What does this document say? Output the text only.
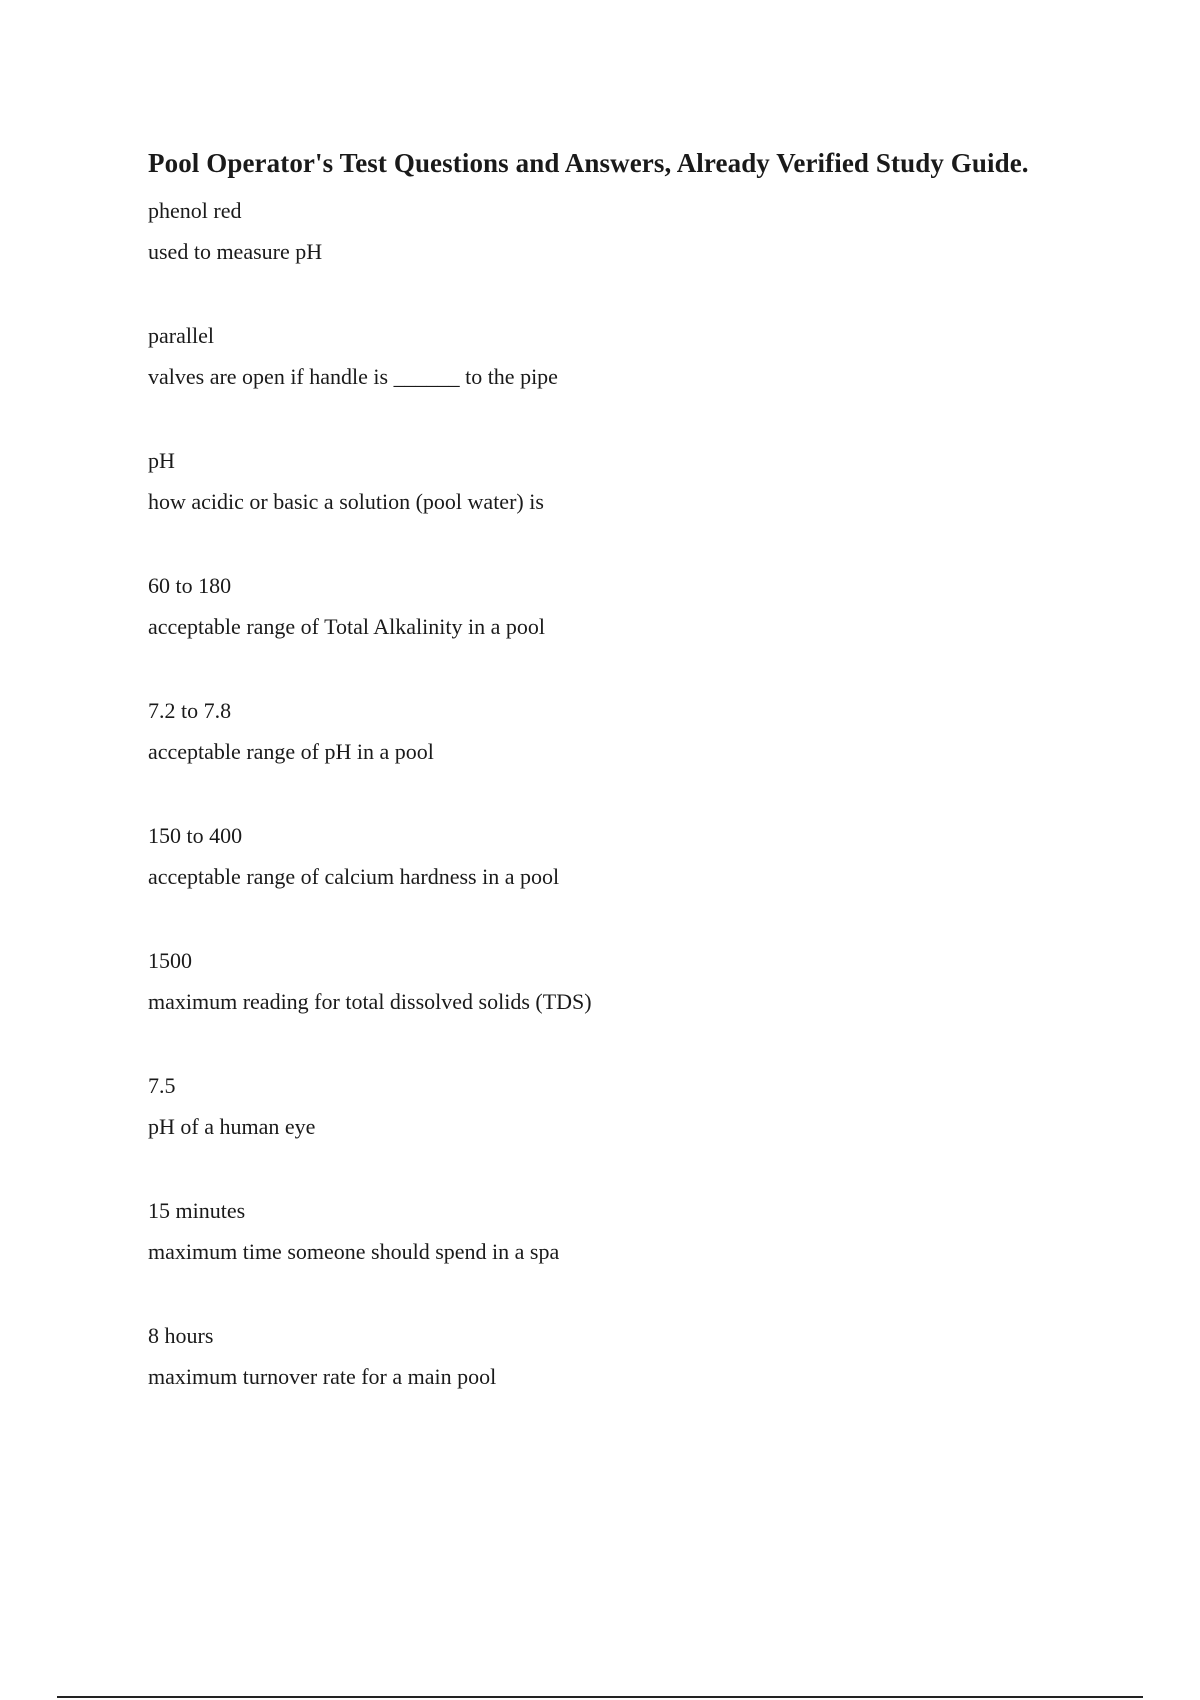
Pool Operator's Test Questions and Answers, Already Verified Study Guide.
phenol red
used to measure pH
parallel
valves are open if handle is ______ to the pipe
pH
how acidic or basic a solution (pool water) is
60 to 180
acceptable range of Total Alkalinity in a pool
7.2 to 7.8
acceptable range of pH in a pool
150 to 400
acceptable range of calcium hardness in a pool
1500
maximum reading for total dissolved solids (TDS)
7.5
pH of a human eye
15 minutes
maximum time someone should spend in a spa
8 hours
maximum turnover rate for a main pool
